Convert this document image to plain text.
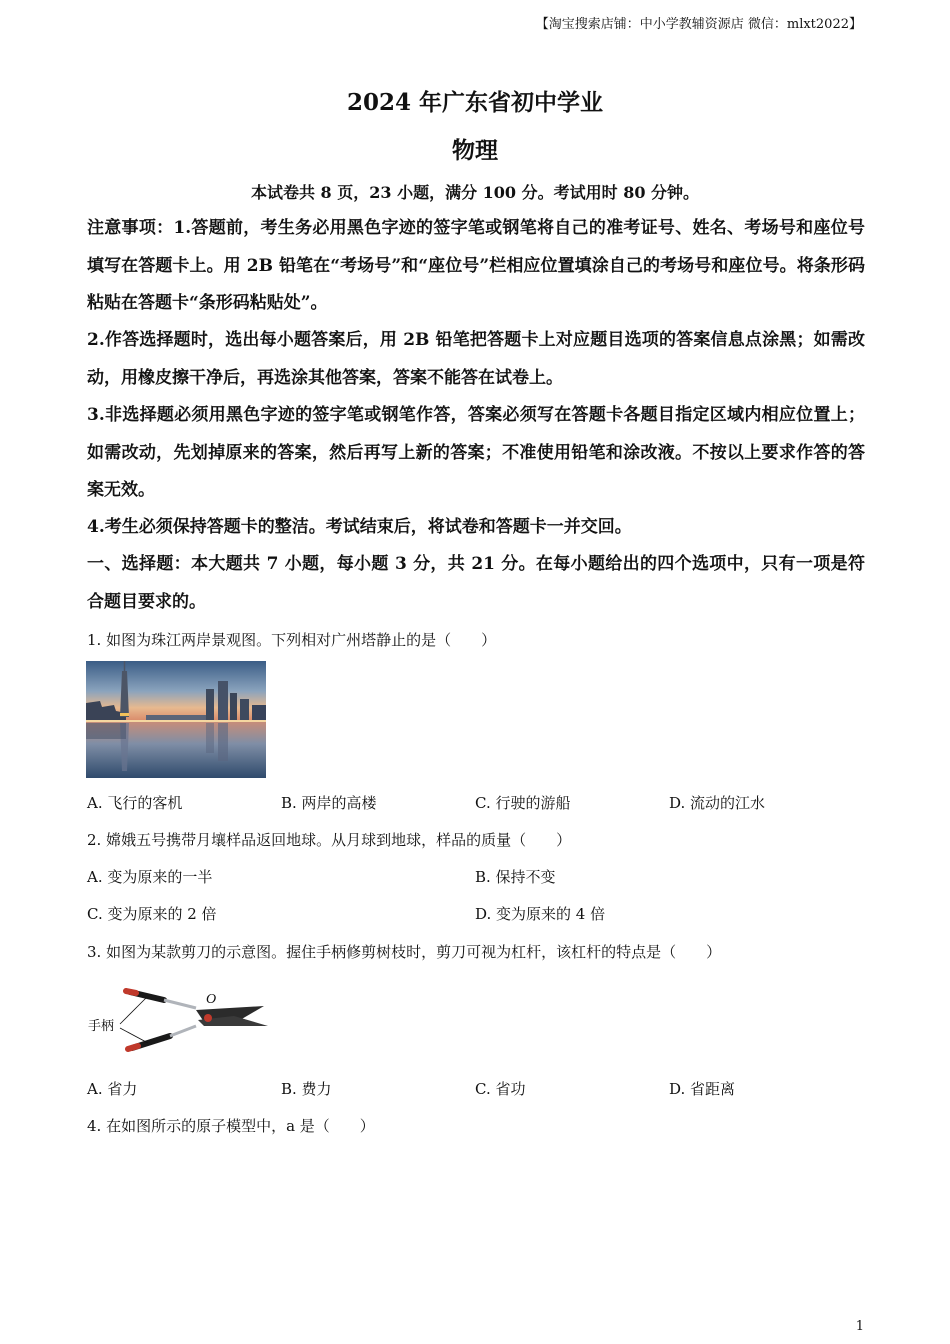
【淘宝搜索店铺：中小学教辅资源店 微信：mlxt2022】
2024 年广东省初中学业
物理
本试卷共 8 页，23 小题，满分 100 分。考试用时 80 分钟。
注意事项：1.答题前，考生务必用黑色字迹的签字笔或钢笔将自己的准考证号、姓名、考场号和座位号填写在答题卡上。用 2B 铅笔在“考场号”和“座位号”栏相应位置填涂自己的考场号和座位号。将条形码粘贴在答题卡“条形码粘贴处”。
2.作答选择题时，选出每小题答案后，用 2B 铅笔把答题卡上对应题目选项的答案信息点涂黑；如需改动，用橡皮擦干净后，再选涂其他答案，答案不能答在试卷上。
3.非选择题必须用黑色字迹的签字笔或钢笔作答，答案必须写在答题卡各题目指定区域内相应位置上；如需改动，先划掉原来的答案，然后再写上新的答案；不准使用铅笔和涂改液。不按以上要求作答的答案无效。
4.考生必须保持答题卡的整洁。考试结束后，将试卷和答题卡一并交回。
一、选择题：本大题共 7 小题，每小题 3 分，共 21 分。在每小题给出的四个选项中，只有一项是符合题目要求的。
1. 如图为珠江两岸景观图。下列相对广州塔静止的是（　　）
A. 飞行的客机	B. 两岸的高楼	C. 行驶的游船	D. 流动的江水
2. 嫦娥五号携带月壤样品返回地球。从月球到地球，样品的质量（　　）
A. 变为原来的一半	B. 保持不变
C. 变为原来的 2 倍	D. 变为原来的 4 倍
3. 如图为某款剪刀的示意图。握住手柄修剪树枝时，剪刀可视为杠杆，该杠杆的特点是（　　）
O
手柄
A. 省力	B. 费力	C. 省功	D. 省距离
4. 在如图所示的原子模型中，a 是（　　）
1
